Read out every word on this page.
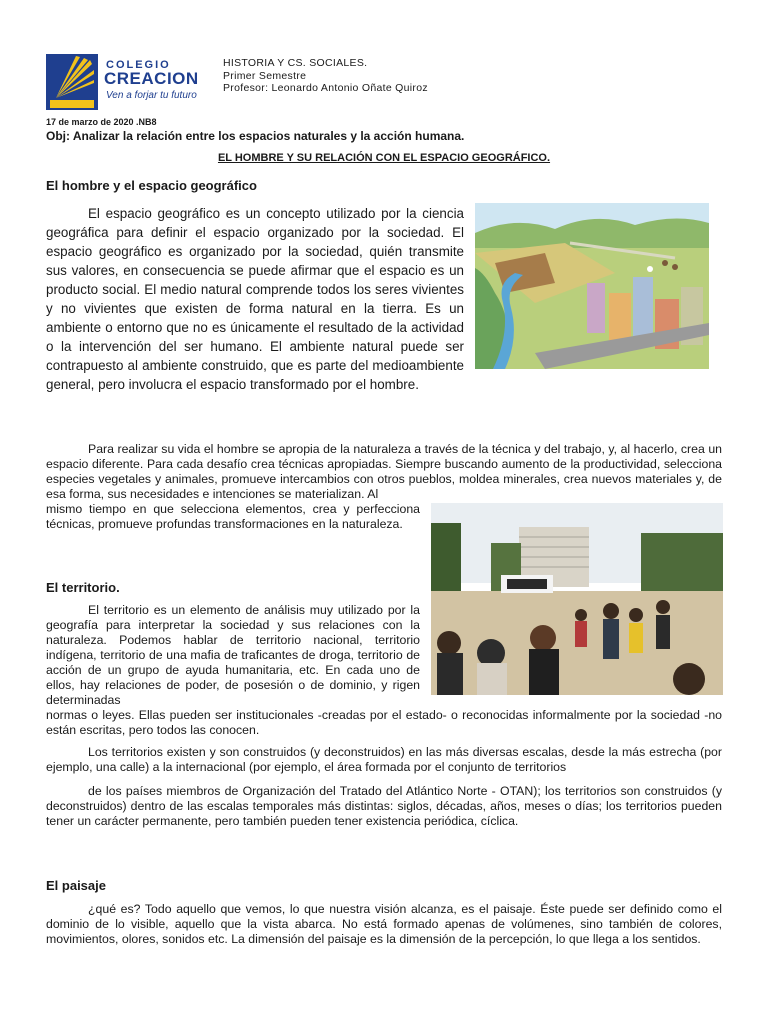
COLEGIO
CREACION
Ven a forjar tu futuro
HISTORIA Y CS. SOCIALES.
Primer Semestre
Profesor: Leonardo Antonio Oñate Quiroz
17 de marzo de 2020 .NB8
Obj: Analizar la relación entre los espacios naturales y la acción humana.
EL HOMBRE Y SU RELACIÓN CON EL ESPACIO GEOGRÁFICO.
El hombre y el espacio geográfico
El espacio geográfico es un concepto utilizado por la ciencia geográfica para definir el espacio organizado por la sociedad. El espacio geográfico es organizado por la sociedad, quién transmite sus valores, en consecuencia se puede afirmar que el espacio es un producto social. El medio natural comprende todos los seres vivientes y no vivientes que existen de forma natural en la tierra. Es un ambiente o entorno que no es únicamente el resultado de la actividad o la intervención del ser humano. El ambiente natural puede ser contrapuesto al ambiente construido, que es parte del medioambiente general, pero involucra el espacio transformado por el hombre.
Para realizar su vida el hombre se apropia de la naturaleza a través de la técnica y del trabajo, y, al hacerlo, crea un espacio diferente. Para cada desafío crea técnicas apropiadas. Siempre buscando aumento de la productividad, selecciona especies vegetales y animales, promueve intercambios con otros pueblos, moldea minerales, crea nuevos materiales y, de esa forma, sus necesidades e intenciones se materializan. Al
mismo tiempo en que selecciona elementos, crea y perfecciona técnicas, promueve profundas transformaciones en la naturaleza.
El territorio.
El territorio es un elemento de análisis muy utilizado por la geografía para interpretar la sociedad y sus relaciones con la naturaleza. Podemos hablar de territorio nacional, territorio indígena, territorio de una mafia de traficantes de droga, territorio de acción de un grupo de ayuda humanitaria, etc. En cada uno de ellos, hay relaciones de poder, de posesión o de dominio, y rigen determinadas
normas o leyes. Ellas pueden ser institucionales -creadas por el estado- o reconocidas informalmente por la sociedad -no están escritas, pero todos las conocen.
Los territorios existen y son construidos (y deconstruidos) en las más diversas escalas, desde la más estrecha (por ejemplo, una calle) a la internacional (por ejemplo, el área formada por el conjunto de territorios
de los países miembros de Organización del Tratado del Atlántico Norte - OTAN); los territorios son construidos (y deconstruidos) dentro de las escalas temporales más distintas: siglos, décadas, años, meses o días; los territorios pueden tener un carácter permanente, pero también pueden tener existencia periódica, cíclica.
El paisaje
¿qué es? Todo aquello que vemos, lo que nuestra visión alcanza, es el paisaje. Éste puede ser definido como el dominio de lo visible, aquello que la vista abarca. No está formado apenas de volúmenes, sino también de colores, movimientos, olores, sonidos etc. La dimensión del paisaje es la dimensión de la percepción, lo que llega a los sentidos.
